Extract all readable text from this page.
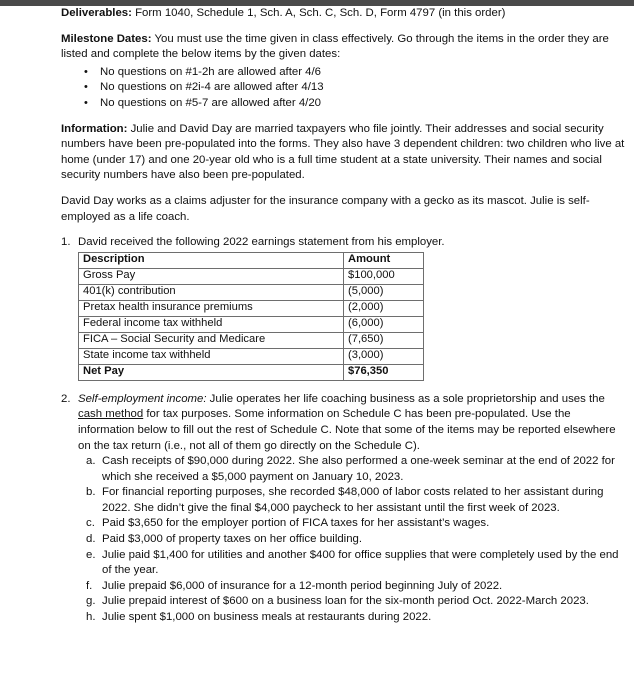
Deliverables: Form 1040, Schedule 1, Sch. A, Sch. C, Sch. D, Form 4797 (in this order)

Milestone Dates: You must use the time given in class effectively. Go through the items in the order they are listed and complete the below items by the given dates:

• No questions on #1-2h are allowed after 4/6
• No questions on #2i-4 are allowed after 4/13
• No questions on #5-7 are allowed after 4/20

Information: Julie and David Day are married taxpayers who file jointly. Their addresses and social security numbers have been pre-populated into the forms. They also have 3 dependent children: two children who live at home (under 17) and one 20-year old who is a full time student at a state university. Their names and social security numbers have also been pre-populated.

David Day works as a claims adjuster for the insurance company with a gecko as its mascot. Julie is self-employed as a life coach.

1. David received the following 2022 earnings statement from his employer.
Description	Amount
Gross Pay	$100,000
401(k) contribution	(5,000)
Pretax health insurance premiums	(2,000)
Federal income tax withheld	(6,000)
FICA – Social Security and Medicare	(7,650)
State income tax withheld	(3,000)
Net Pay	$76,350
2. Self-employment income: Julie operates her life coaching business as a sole proprietorship and uses the cash method for tax purposes. Some information on Schedule C has been pre-populated. Use the information below to fill out the rest of Schedule C. Note that some of the items may be reported elsewhere on the tax return (i.e., not all of them go directly on the Schedule C).
a. Cash receipts of $90,000 during 2022. She also performed a one-week seminar at the end of 2022 for which she received a $5,000 payment on January 10, 2023.
b. For financial reporting purposes, she recorded $48,000 of labor costs related to her assistant during 2022. She didn’t give the final $4,000 paycheck to her assistant until the first week of 2023.
c. Paid $3,650 for the employer portion of FICA taxes for her assistant’s wages.
d. Paid $3,000 of property taxes on her office building.
e. Julie paid $1,400 for utilities and another $400 for office supplies that were completely used by the end of the year.
f. Julie prepaid $6,000 of insurance for a 12-month period beginning July of 2022.
g. Julie prepaid interest of $600 on a business loan for the six-month period Oct. 2022-March 2023.
h. Julie spent $1,000 on business meals at restaurants during 2022.
